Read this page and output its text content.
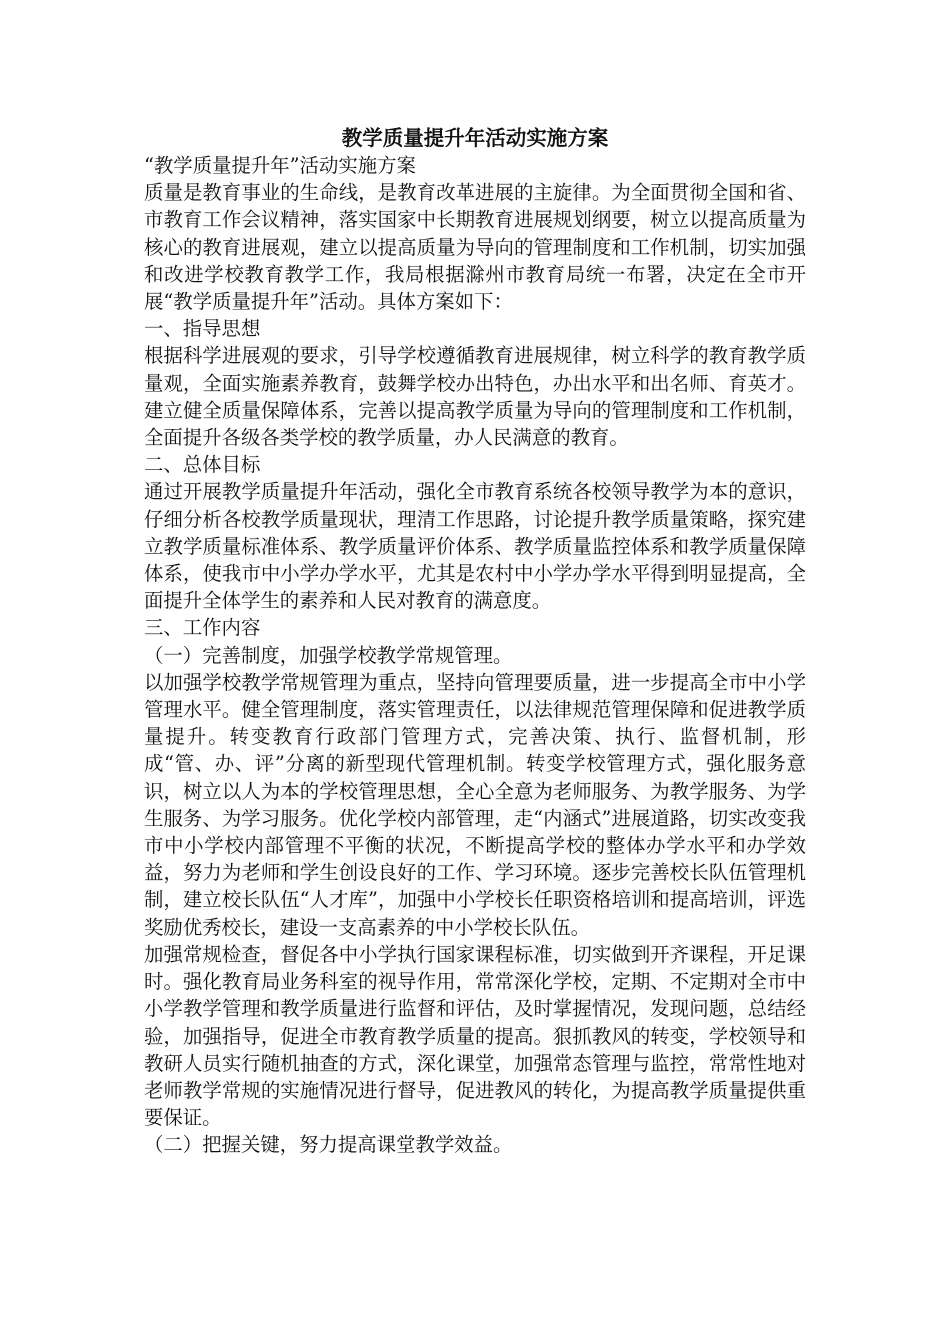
教学质量提升年活动实施方案

“教学质量提升年”活动实施方案

质量是教育事业的生命线，是教育改革进展的主旋律。为全面贯彻全国和省、市教育工作会议精神，落实国家中长期教育进展规划纲要，树立以提高质量为核心的教育进展观，建立以提高质量为导向的管理制度和工作机制，切实加强和改进学校教育教学工作，我局根据滁州市教育局统一布署，决定在全市开展“教学质量提升年”活动。具体方案如下：

一、指导思想

根据科学进展观的要求，引导学校遵循教育进展规律，树立科学的教育教学质量观，全面实施素养教育，鼓舞学校办出特色，办出水平和出名师、育英才。建立健全质量保障体系，完善以提高教学质量为导向的管理制度和工作机制，全面提升各级各类学校的教学质量，办人民满意的教育。

二、总体目标

通过开展教学质量提升年活动，强化全市教育系统各校领导教学为本的意识，仔细分析各校教学质量现状，理清工作思路，讨论提升教学质量策略，探究建立教学质量标准体系、教学质量评价体系、教学质量监控体系和教学质量保障体系，使我市中小学办学水平，尤其是农村中小学办学水平得到明显提高，全面提升全体学生的素养和人民对教育的满意度。

三、工作内容

（一）完善制度，加强学校教学常规管理。

以加强学校教学常规管理为重点，坚持向管理要质量，进一步提高全市中小学管理水平。健全管理制度，落实管理责任，以法律规范管理保障和促进教学质量提升。转变教育行政部门管理方式，完善决策、执行、监督机制，形成“管、办、评”分离的新型现代管理机制。转变学校管理方式，强化服务意识，树立以人为本的学校管理思想，全心全意为老师服务、为教学服务、为学生服务、为学习服务。优化学校内部管理，走“内涵式”进展道路，切实改变我市中小学校内部管理不平衡的状况，不断提高学校的整体办学水平和办学效益，努力为老师和学生创设良好的工作、学习环境。逐步完善校长队伍管理机制，建立校长队伍“人才库”，加强中小学校长任职资格培训和提高培训，评选奖励优秀校长，建设一支高素养的中小学校长队伍。

加强常规检查，督促各中小学执行国家课程标准，切实做到开齐课程，开足课时。强化教育局业务科室的视导作用，常常深化学校，定期、不定期对全市中小学教学管理和教学质量进行监督和评估，及时掌握情况，发现问题，总结经验，加强指导，促进全市教育教学质量的提高。狠抓教风的转变，学校领导和教研人员实行随机抽查的方式，深化课堂，加强常态管理与监控，常常性地对老师教学常规的实施情况进行督导，促进教风的转化，为提高教学质量提供重要保证。

（二）把握关键，努力提高课堂教学效益。
